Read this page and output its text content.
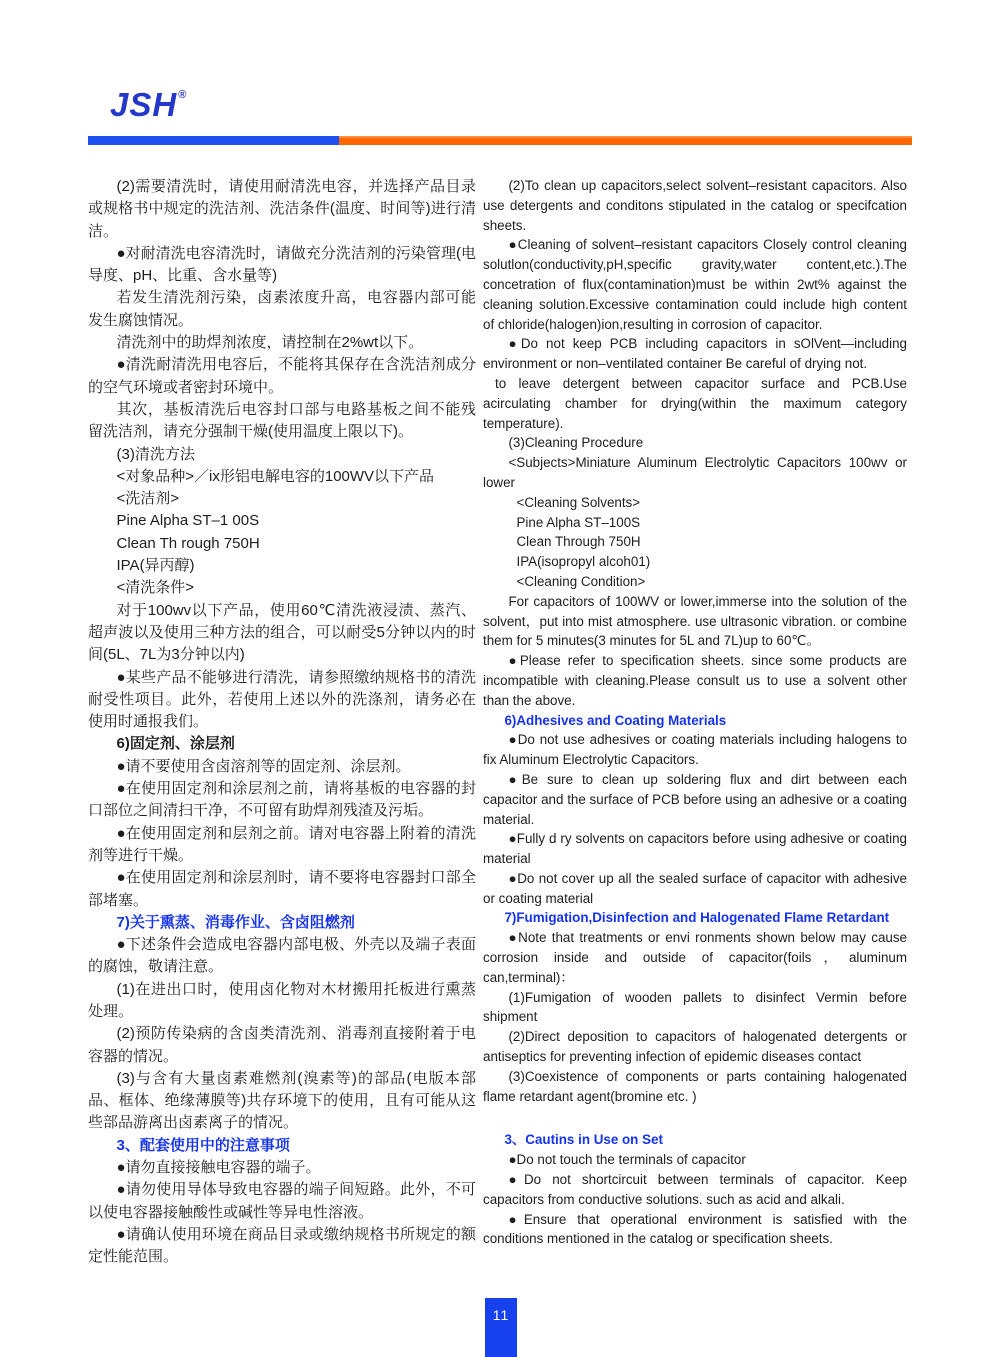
JSH®

(2)需要清洗时，请使用耐清洗电容，并选择产品目录或规格书中规定的洗洁剂、洗洁条件(温度、时间等)进行清洁。

●对耐清洗电容清洗时，请做充分洗洁剂的污染管理(电导度、pH、比重、含水量等)

若发生清洗剂污染，卤素浓度升高，电容器内部可能发生腐蚀情况。

清洗剂中的助焊剂浓度，请控制在2%wt以下。

●清洗耐清洗用电容后，不能将其保存在含洗洁剂成分的空气环境或者密封环境中。

其次，基板清洗后电容封口部与电路基板之间不能残留洗洁剂，请充分强制干燥(使用温度上限以下)。

(3)清洗方法

<对象品种>／ix形铝电解电容的100WV以下产品

<洗洁剂>

Pine Alpha ST–1 00S

Clean Th rough 750H

IPA(异丙醇)

<清洗条件>

对于100wv以下产品，使用60℃清洗液浸渍、蒸汽、超声波以及使用三种方法的组合，可以耐受5分钟以内的时间(5L、7L为3分钟以内)

●某些产品不能够进行清洗，请参照缴纳规格书的清洗耐受性项目。此外，若使用上述以外的洗涤剂，请务必在使用时通报我们。

6)固定剂、涂层剂

●请不要使用含卤溶剂等的固定剂、涂层剂。

●在使用固定剂和涂层剂之前，请将基板的电容器的封口部位之间清扫干净，不可留有助焊剂残渣及污垢。

●在使用固定剂和层剂之前。请对电容器上附着的清洗剂等进行干燥。

●在使用固定剂和涂层剂时，请不要将电容器封口部全部堵塞。

7)关于熏蒸、消毒作业、含卤阻燃剂

●下述条件会造成电容器内部电极、外壳以及端子表面的腐蚀，敬请注意。

(1)在进出口时，使用卤化物对木材搬用托板进行熏蒸处理。

(2)预防传染病的含卤类清洗剂、消毒剂直接附着于电容器的情况。

(3)与含有大量卤素难燃剂(溴素等)的部品(电版本部品、框体、绝缘薄膜等)共存环境下的使用，且有可能从这些部品游离出卤素离子的情况。

3、配套使用中的注意事项

●请勿直接接触电容器的端子。

●请勿使用导体导致电容器的端子间短路。此外，不可以使电容器接触酸性或碱性等异电性溶液。

●请确认使用环境在商品目录或缴纳规格书所规定的额定性能范围。

(2)To clean up capacitors,select solvent–resistant capacitors. Also use detergents and conditons stipulated in the catalog or specifcation sheets.

●Cleaning of solvent–resistant capacitors Closely control cleaning solutlon(conductivity,pH,specific gravity,water content,etc.).The concetration of flux(contamination)must be within 2wt% against the cleaning solution.Excessive contamination could include high content of chloride(halogen)ion,resulting in corrosion of capacitor.

●Do not keep PCB including capacitors in sOlVent—including environment or non–ventilated container Be careful of drying not.

to leave detergent between capacitor surface and PCB.Use acirculating chamber for drying(within the maximum category temperature).

(3)Cleaning Procedure

<Subjects>Miniature Aluminum Electrolytic Capacitors 100wv or lower

<Cleaning Solvents>

Pine Alpha ST–100S

Clean Through 750H

IPA(isopropyl alcoh01)

<Cleaning Condition>

For capacitors of 100WV or lower,immerse into the solution of the solvent，put into mist atmosphere. use ultrasonic vibration. or combine them for 5 minutes(3 minutes for 5L and 7L)up to 60℃。

●Please refer to specification sheets. since some products are incompatible with cleaning.Please consult us to use a solvent other than the above.

6)Adhesives and Coating Materials

●Do not use adhesives or coating materials including halogens to fix Aluminum Electrolytic Capacitors.

●Be sure to clean up soldering flux and dirt between each capacitor and the surface of PCB before using an adhesive or a coating material.

●Fully d ry solvents on capacitors before using adhesive or coating material

●Do not cover up all the sealed surface of capacitor with adhesive or coating material

7)Fumigation,Disinfection and Halogenated Flame Retardant

●Note that treatments or envi ronments shown below may cause corrosion inside and outside of capacitor(foils，aluminum can,terminal)：

(1)Fumigation of wooden pallets to disinfect Vermin before shipment

(2)Direct deposition to capacitors of halogenated detergents or antiseptics for preventing infection of epidemic diseases contact

(3)Coexistence of components or parts containing halogenated flame retardant agent(bromine etc. )

3、Cautins in Use on Set

●Do not touch the terminals of capacitor

●Do not shortcircuit between terminals of capacitor. Keep capacitors from conductive solutions. such as acid and alkali.

●Ensure that operational environment is satisfied with the conditions mentioned in the catalog or specification sheets.

11
